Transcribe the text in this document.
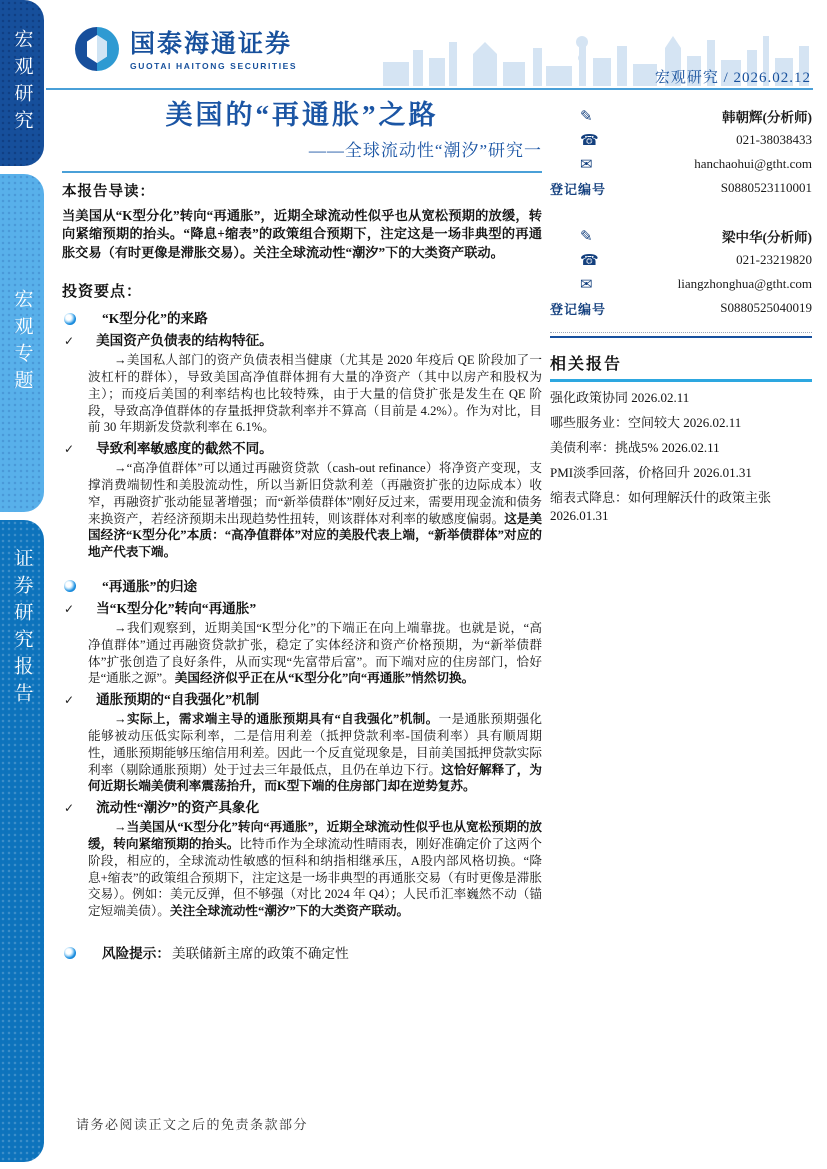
宏观研究
宏观专题
证券研究报告
国泰海通证券
GUOTAI HAITONG SECURITIES
宏观研究 / 2026.02.12
美国的“再通胀”之路
——全球流动性“潮汐”研究一
本报告导读：
当美国从“K型分化”转向“再通胀”，近期全球流动性似乎也从宽松预期的放缓，转向紧缩预期的抬头。“降息+缩表”的政策组合预期下，注定这是一场非典型的再通胀交易（有时更像是滞胀交易）。关注全球流动性“潮汐”下的大类资产联动。
投资要点：
“K型分化”的来路
✓ 美国资产负债表的结构特征。
→美国私人部门的资产负债表相当健康（尤其是 2020 年疫后 QE 阶段加了一波杠杆的群体），导致美国高净值群体拥有大量的净资产（其中以房产和股权为主）；而疫后美国的利率结构也比较特殊，由于大量的信贷扩张是发生在 QE 阶段，导致高净值群体的存量抵押贷款利率并不算高（目前是 4.2%）。作为对比，目前 30 年期新发贷款利率在 6.1%。
✓ 导致利率敏感度的截然不同。
→“高净值群体”可以通过再融资贷款（cash-out refinance）将净资产变现，支撑消费端韧性和美股流动性，所以当新旧贷款利差（再融资扩张的边际成本）收窄，再融资扩张动能显著增强；而“新举债群体”刚好反过来，需要用现金流和债务来换资产，若经济预期未出现趋势性扭转，则该群体对利率的敏感度偏弱。这是美国经济“K型分化”本质：“高净值群体”对应的美股代表上端，“新举债群体”对应的地产代表下端。
“再通胀”的归途
✓ 当“K型分化”转向“再通胀”
→我们观察到，近期美国“K型分化”的下端正在向上端靠拢。也就是说，“高净值群体”通过再融资贷款扩张，稳定了实体经济和资产价格预期，为“新举债群体”扩张创造了良好条件，从而实现“先富带后富”。而下端对应的住房部门，恰好是“通胀之源”。美国经济似乎正在从“K型分化”向“再通胀”悄然切换。
✓ 通胀预期的“自我强化”机制
→实际上，需求端主导的通胀预期具有“自我强化”机制。一是通胀预期强化能够被动压低实际利率，二是信用利差（抵押贷款利率-国债利率）具有顺周期性，通胀预期能够压缩信用利差。因此一个反直觉现象是，目前美国抵押贷款实际利率（剔除通胀预期）处于过去三年最低点，且仍在单边下行。这恰好解释了，为何近期长端美债利率震荡抬升，而K型下端的住房部门却在逆势复苏。
✓ 流动性“潮汐”的资产具象化
→当美国从“K型分化”转向“再通胀”，近期全球流动性似乎也从宽松预期的放缓，转向紧缩预期的抬头。比特币作为全球流动性晴雨表，刚好准确定价了这两个阶段，相应的，全球流动性敏感的恒科和纳指相继承压，A股内部风格切换。“降息+缩表”的政策组合预期下，注定这是一场非典型的再通胀交易（有时更像是滞胀交易）。例如：美元反弹，但不够强（对比 2024 年 Q4）；人民币汇率巍然不动（锚定短端美债）。关注全球流动性“潮汐”下的大类资产联动。
风险提示： 美联储新主席的政策不确定性
✎	韩朝辉(分析师)
☎	021-38038433
✉	hanchaohui@gtht.com
登记编号	S0880523110001
✎	梁中华(分析师)
☎	021-23219820
✉	liangzhonghua@gtht.com
登记编号	S0880525040019
相关报告
强化政策协同 2026.02.11
哪些服务业：空间较大 2026.02.11
美债利率：挑战5% 2026.02.11
PMI淡季回落，价格回升 2026.01.31
缩表式降息：如何理解沃什的政策主张 2026.01.31
请务必阅读正文之后的免责条款部分
